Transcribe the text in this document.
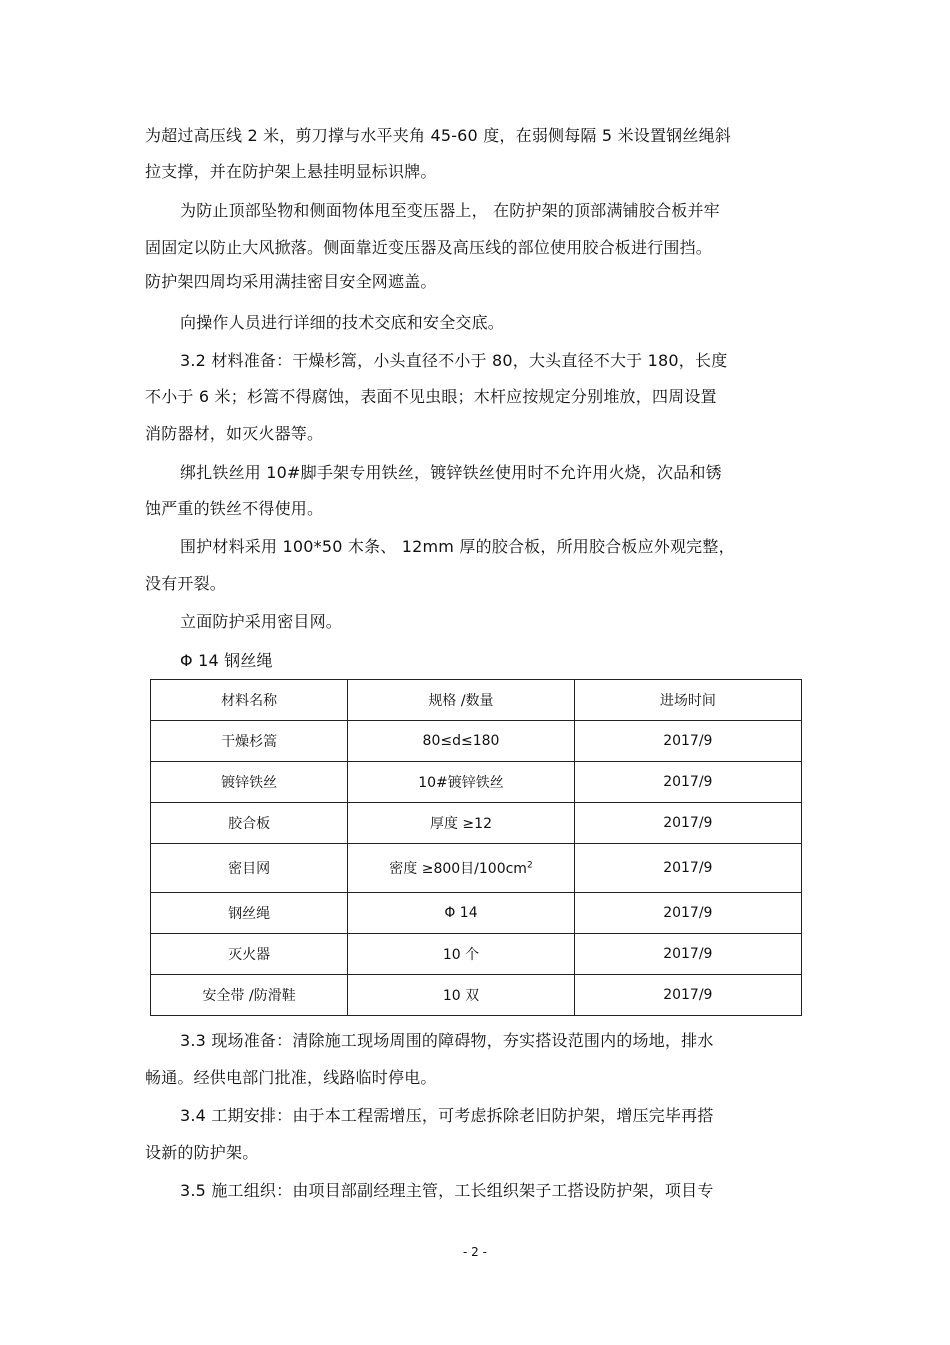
为超过高压线 2 米，剪刀撑与水平夹角 45-60 度，在弱侧每隔 5 米设置钢丝绳斜
拉支撑，并在防护架上悬挂明显标识牌。
为防止顶部坠物和侧面物体甩至变压器上， 在防护架的顶部满铺胶合板并牢
固固定以防止大风掀落。侧面靠近变压器及高压线的部位使用胶合板进行围挡。
防护架四周均采用满挂密目安全网遮盖。
向操作人员进行详细的技术交底和安全交底。
3.2 材料准备：干燥杉篙，小头直径不小于 80，大头直径不大于 180，长度
不小于 6 米；杉篙不得腐蚀，表面不见虫眼；木杆应按规定分别堆放，四周设置
消防器材，如灭火器等。
绑扎铁丝用 10#脚手架专用铁丝，镀锌铁丝使用时不允许用火烧，次品和锈
蚀严重的铁丝不得使用。
围护材料采用 100*50 木条、 12mm 厚的胶合板，所用胶合板应外观完整，
没有开裂。
立面防护采用密目网。
Φ 14 钢丝绳
材料名称	规格 /数量	进场时间
干燥杉篙	80≤d≤180	2017/9
镀锌铁丝	10#镀锌铁丝	2017/9
胶合板	厚度 ≥12	2017/9
密目网	密度 ≥800目$/100cm^2$	2017/9
钢丝绳	Φ 14	2017/9
灭火器	10 个	2017/9
安全带 /防滑鞋	10 双	2017/9
3.3 现场准备：清除施工现场周围的障碍物，夯实搭设范围内的场地，排水
畅通。经供电部门批准，线路临时停电。
3.4 工期安排：由于本工程需增压，可考虑拆除老旧防护架，增压完毕再搭
设新的防护架。
3.5 施工组织：由项目部副经理主管，工长组织架子工搭设防护架，项目专
- 2 -
